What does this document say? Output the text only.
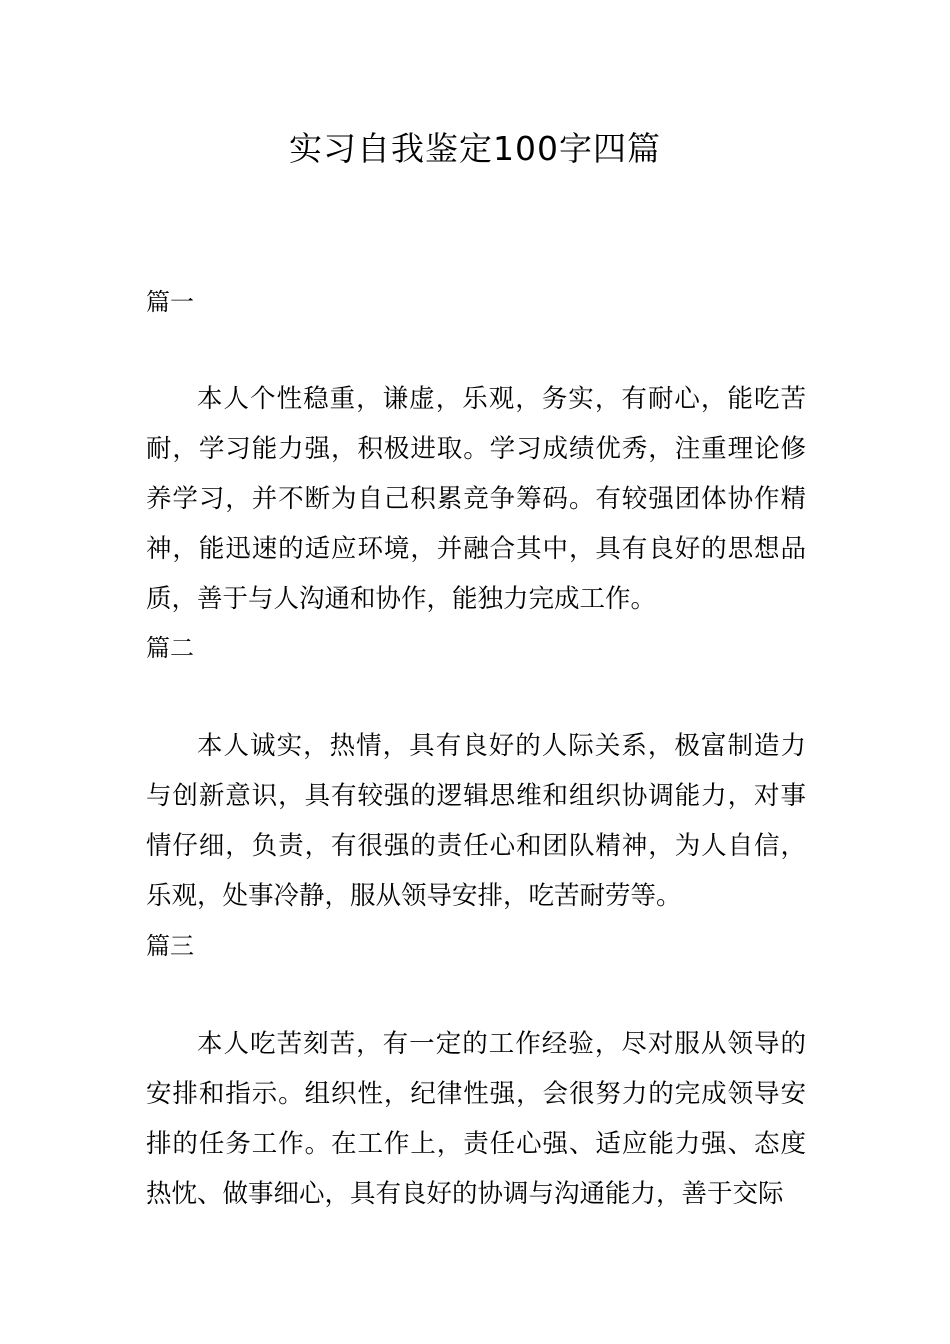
实习自我鉴定100字四篇
篇一

本人个性稳重，谦虚，乐观，务实，有耐心，能吃苦耐，学习能力强，积极进取。学习成绩优秀，注重理论修养学习，并不断为自己积累竞争筹码。有较强团体协作精神，能迅速的适应环境，并融合其中，具有良好的思想品质，善于与人沟通和协作，能独力完成工作。

篇二

本人诚实，热情，具有良好的人际关系，极富制造力与创新意识，具有较强的逻辑思维和组织协调能力，对事情仔细，负责，有很强的责任心和团队精神，为人自信，乐观，处事冷静，服从领导安排，吃苦耐劳等。

篇三

本人吃苦刻苦，有一定的工作经验，尽对服从领导的安排和指示。组织性，纪律性强，会很努力的完成领导安排的任务工作。在工作上，责任心强、适应能力强、态度热忱、做事细心，具有良好的协调与沟通能力，善于交际
